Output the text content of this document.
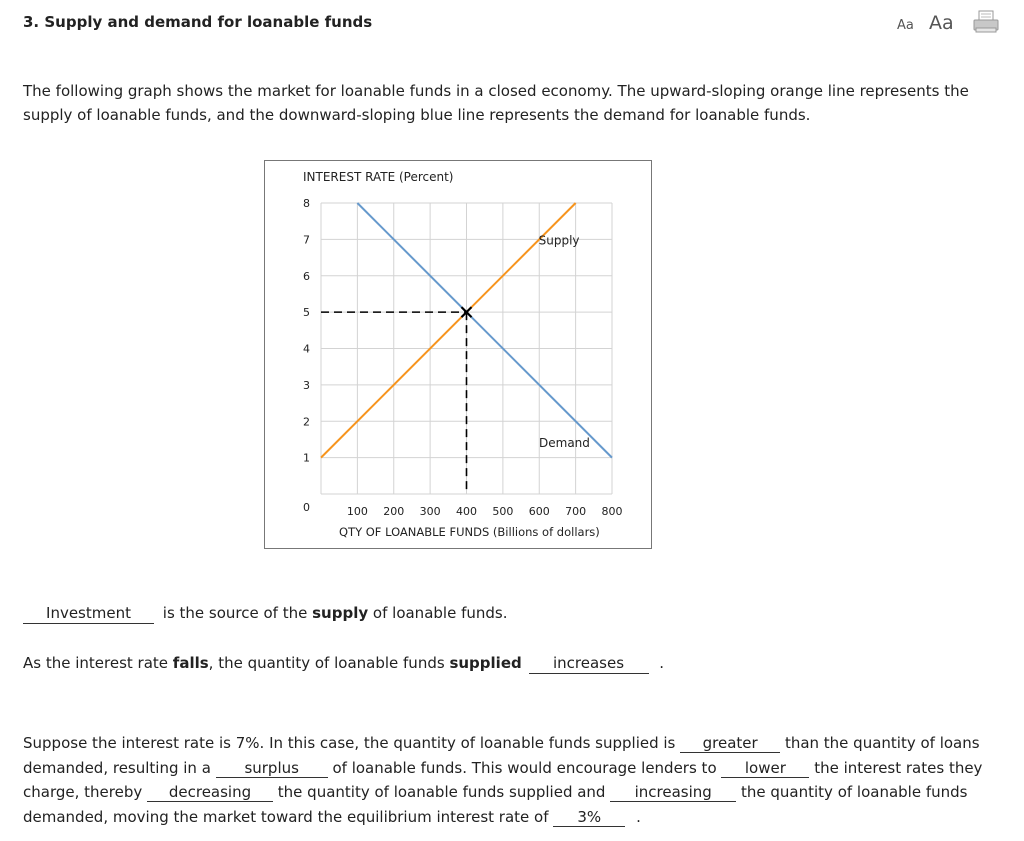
3. Supply and demand for loanable funds	Aa Aa
The following graph shows the market for loanable funds in a closed economy. The upward-sloping orange line represents the supply of loanable funds, and the downward-sloping blue line represents the demand for loanable funds.
8
7
6
5
4
3
2
1
0	100 200 300 400 500 600 700 800
INTEREST RATE (Percent)
QTY OF LOANABLE FUNDS (Billions of dollars)
Supply
Demand
Investment is the source of the supply of loanable funds.
As the interest rate falls, the quantity of loanable funds supplied increases .
Suppose the interest rate is 7%. In this case, the quantity of loanable funds supplied is greater than the quantity of loans demanded, resulting in a surplus of loanable funds. This would encourage lenders to lower the interest rates they charge, thereby decreasing the quantity of loanable funds supplied and increasing the quantity of loanable funds demanded, moving the market toward the equilibrium interest rate of 3% .
